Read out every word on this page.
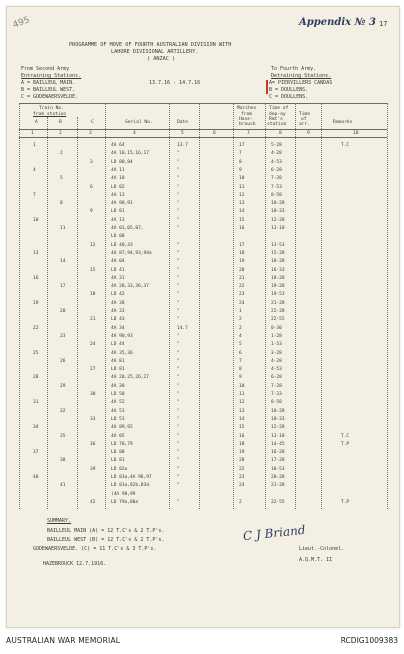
495	Appendix № 3 17
PROGRAMME OF MOVE OF FOURTH AUSTRALIAN DIVISION WITH
LAHORE DIVISIONAL ARTILLERY.
( ANZAC )
From Second Army
Entraining Stations.
A = BAILLEUL MAIN.
B = BAILLEUL WEST.
C = GODEWAERSVELDE.
13.7.16 - 14.7.16
To Fourth Army.
Detraining Stations.
A= PIERVILLERS CANDAS
B = DOULLENS.
C = DOULLENS.
Train No.
from station
A	B	C	Serial No.	Date
Marches
from
Hase-
brouck
Time of
dep-ay
Rmt's
station
Time
of
arr.	Remarks
1	2	3	4	5	6	7	8	9	10
1	4A 64	13.7	17	5-28	T.C
2	4A 10,15,16,17	"	7	4-28
3	LD 80,84	"	8	4-53
4	4A 11	"	9	6-28
5	4A 10	"	10	7-28
6	LD 82	"	11	7-53
7	4A 13	"	12	8-58
8	4A 98,91	"	13	10-28
9	LD 81	"	14	10-33
10	4A 13	"	15	12-28
11	4A 01,05,07,	"	16	13-10
LD 08
12	LD 40,43	"	17	13-53
13	4A 87,94,93,94a	"	18	15-28
14	4A 04	"	19	18-28
15	LD 41	"	20	16-33
16	4A 31	"	21	18-28
17	4A 20,33,36,37	"	22	19-28
18	LD 42	"	23	19-53
19	4A 38	"	24	21-28
20	4A 33	"	1	22-28
21	LD 43	"	2	22-55
22	4A 34	14.7	2	0-30
23	4A 90,93	"	4	1-28
24	LD 44	"	5	1-53
25	4A 35,36	"	6	3-28
26	4A 81	"	7	4-28
27	LD 81	"	8	4-53
28	4A 20,25,26,27	"	9	6-28
29	4A 38	"	10	7-28
30	LD 50	"	11	7-33
31	4A 52	"	12	8-58
32	4A 53	"	13	10-28
33	LD 53	"	14	10-33
34	4A 89,92	"	15	12-28
35	4A 05	"	16	13-18	T.C
36	LD 78,79	"	18	14-45	T.P
37	LD 80	"	19	16-28
38	LD 81	"	20	17-28
39	LD 82a	"	22	18-53
40	LD 83a,4A 96,97	"	23	20-28
41	LD 81a,82b,83d	"	24	21-28
(4A 98,99
42	LD 79a,80a	"	2	22-55	T.P
SUMMARY.
BAILLEUL MAIN (A) = 12 T.C's & 2 T.P's.
BAILLEUL WEST (B) = 12 T.C's & 2 T.P's.
GODEWAERSVELDE. (C) = 11 T.C's & 3 T.P's.
HAZEBROUCK 12.7.1916.
C J Briand
Lieut.-Colonel.
A.Q.M.T. II
AUSTRALIAN WAR MEMORIAL	RCDIG1009383
